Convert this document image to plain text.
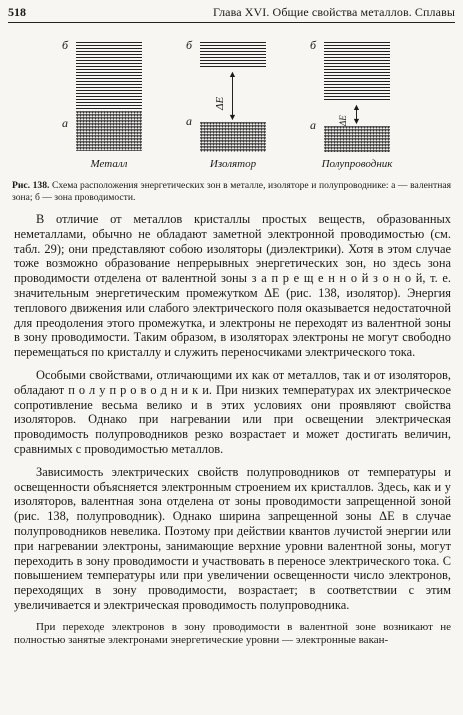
518	Глава XVI. Общие свойства металлов. Сплавы
б
а
Металл
б
▲
▼
ΔE
а
Изолятор
б
▲
▼
ΔE
а
Полупроводник
Рис. 138. Схема расположения энергетических зон в металле, изоляторе и полупроводнике: а — валентная зона; б — зона проводимости.

В отличие от металлов кристаллы простых веществ, образованных неметаллами, обычно не обладают заметной электронной проводимостью (см. табл. 29); они представляют собою изоляторы (диэлектрики). Хотя в этом случае тоже возможно образование непрерывных энергетических зон, но здесь зона проводимости отделена от валентной зоны з а п р е щ е н н о й з о н о й, т. е. значительным энергетическим промежутком ΔE (рис. 138, изолятор). Энергия теплового движения или слабого электрического поля оказывается недостаточной для преодоления этого промежутка, и электроны не переходят из валентной зоны в зону проводимости. Таким образом, в изоляторах электроны не могут свободно перемещаться по кристаллу и служить переносчиками электрического тока.

Особыми свойствами, отличающими их как от металлов, так и от изоляторов, обладают п о л у п р о в о д н и к и. При низких температурах их электрическое сопротивление весьма велико и в этих условиях они проявляют свойства изоляторов. Однако при нагревании или при освещении электрическая проводимость полупроводников резко возрастает и может достигать величин, сравнимых с проводимостью металлов.

Зависимость электрических свойств полупроводников от температуры и освещенности объясняется электронным строением их кристаллов. Здесь, как и у изоляторов, валентная зона отделена от зоны проводимости запрещенной зоной (рис. 138, полупроводник). Однако ширина запрещенной зоны ΔE в случае полупроводников невелика. Поэтому при действии квантов лучистой энергии или при нагревании электроны, занимающие верхние уровни валентной зоны, могут переходить в зону проводимости и участвовать в переносе электрического тока. С повышением температуры или при увеличении освещенности число электронов, переходящих в зону проводимости, возрастает; в соответствии с этим увеличивается и электрическая проводимость полупроводника.

При переходе электронов в зону проводимости в валентной зоне возникают не полностью занятые электронами энергетические уровни — электронные вакан-
